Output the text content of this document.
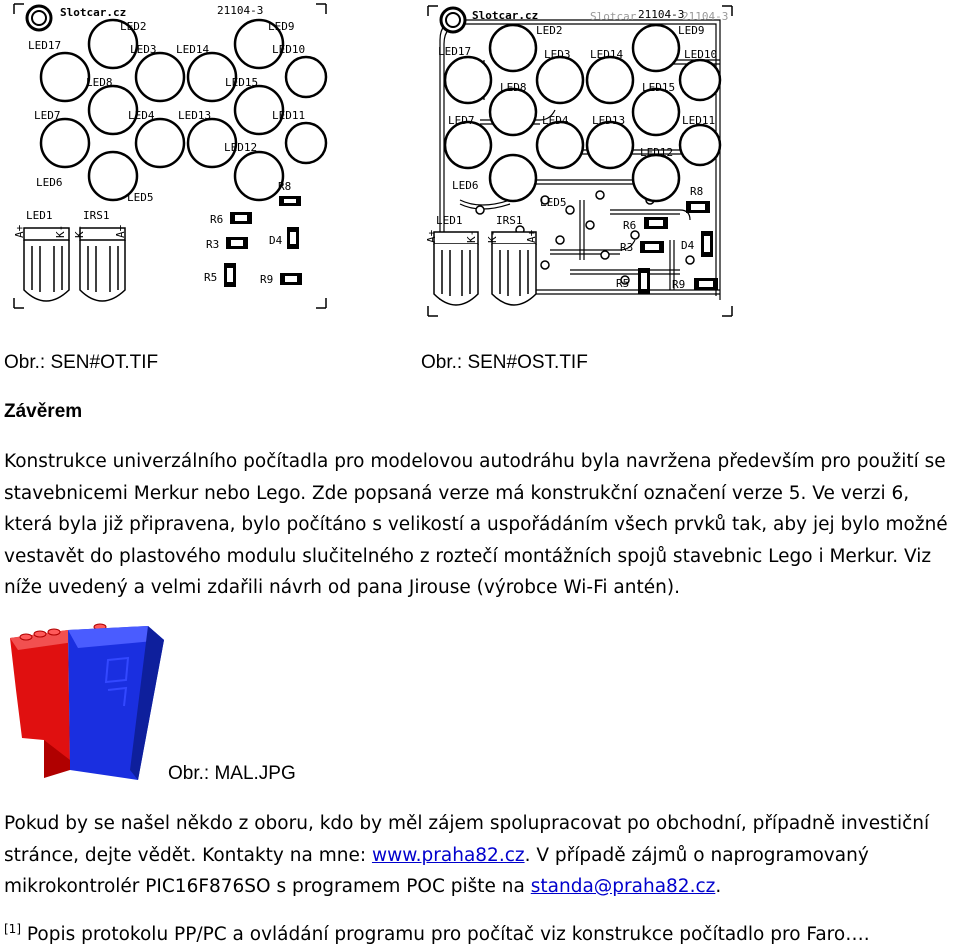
Slotcar.cz	21104-3
LED2	LED9
LED17	LED3 LED14	LED10
LED8	LED15
LED7	LED4 LED13	LED11
LED12
LED6
LED5
R8
LED1	IRS1	R6
R3	D4
R5	R9
A+	K- K-	A+
Slotcar	21104-3
Slotcar.cz	21104-3
LED2	LED9
LED17	LED3 LED14	LED10
LED8	LED15
LED7	LED4 LED13	LED11
LED12
LED6
LED5
R8
LED1	IRS1	R6
R3	D4
R5	R9
A+ K- K- A+
Obr.: SEN#OT.TIF	Obr.: SEN#OST.TIF
Závěrem
Konstrukce univerzálního počítadla pro modelovou autodráhu byla navržena především pro použití se stavebnicemi Merkur nebo Lego. Zde popsaná verze má konstrukční označení verze 5. Ve verzi 6, která byla již připravena, bylo počítáno s velikostí a uspořádáním všech prvků tak, aby jej bylo možné vestavět do plastového modulu slučitelného z roztečí montážních spojů stavebnic Lego i Merkur. Viz níže uvedený a velmi zdařili návrh od pana Jirouse (výrobce Wi-Fi antén).
Obr.: MAL.JPG
Pokud by se našel někdo z oboru, kdo by měl zájem spolupracovat po obchodní, případně investiční stránce, dejte vědět. Kontakty na mne: www.praha82.cz. V případě zájmů o naprogramovaný mikrokontrolér PIC16F876SO s programem POC pište na standa@praha82.cz.
[1] Popis protokolu PP/PC a ovládání programu pro počítač viz konstrukce počítadlo pro Faro….
